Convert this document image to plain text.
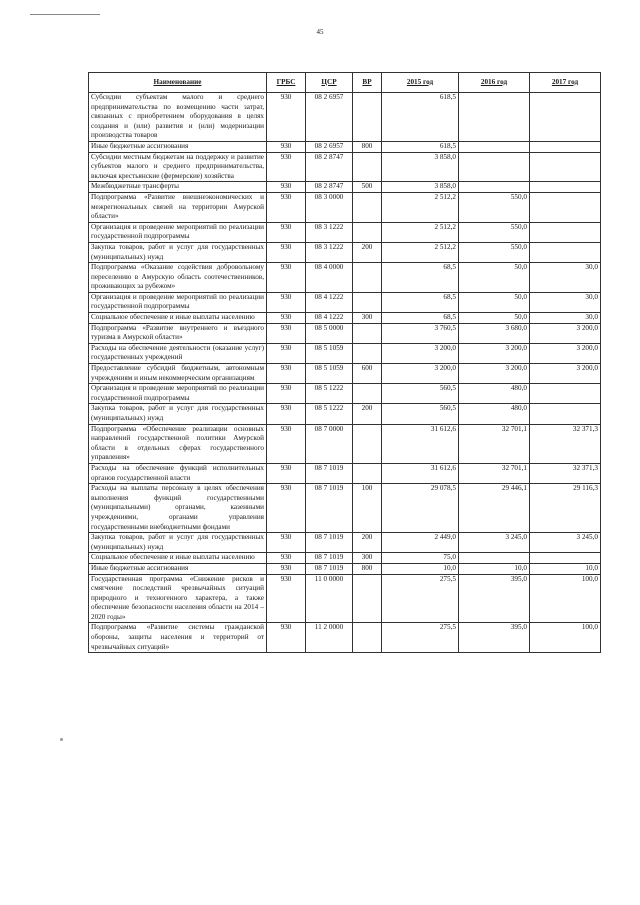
45
Наименование	ГРБС	ЦСР	ВР	2015 год	2016 год	2017 год
Субсидии субъектам малого и среднего предпринимательства по возмещению части затрат, связанных с приобретением оборудования в целях создания и (или) развития и (или) модернизации производства товаров	930	08 2 6957		618,5		
Иные бюджетные ассигнования	930	08 2 6957	800	618,5		
Субсидии местным бюджетам на поддержку и развитие субъектов малого и среднего предпринимательства, включая крестьянские (фермерские) хозяйства	930	08 2 8747		3 858,0		
Межбюджетные трансферты	930	08 2 8747	500	3 858,0		
Подпрограмма «Развитие внешнеэкономических и межрегиональных связей на территории Амурской области»	930	08 3 0000		2 512,2	550,0	
Организация и проведение мероприятий по реализации государственной подпрограммы	930	08 3 1222		2 512,2	550,0	
Закупка товаров, работ и услуг для государственных (муниципальных) нужд	930	08 3 1222	200	2 512,2	550,0	
Подпрограмма «Оказание содействия добровольному переселению в Амурскую область соотечественников, проживающих за рубежом»	930	08 4 0000		68,5	50,0	30,0
Организация и проведение мероприятий по реализации государственной подпрограммы	930	08 4 1222		68,5	50,0	30,0
Социальное обеспечение и иные выплаты населению	930	08 4 1222	300	68,5	50,0	30,0
Подпрограмма «Развитие внутреннего и въездного туризма в Амурской области»	930	08 5 0000		3 760,5	3 680,0	3 200,0
Расходы на обеспечение деятельности (оказание услуг) государственных учреждений	930	08 5 1059		3 200,0	3 200,0	3 200,0
Предоставление субсидий бюджетным, автономным учреждениям и иным некоммерческим организациям	930	08 5 1059	600	3 200,0	3 200,0	3 200,0
Организация и проведение мероприятий по реализации государственной подпрограммы	930	08 5 1222		560,5	480,0	
Закупка товаров, работ и услуг для государственных (муниципальных) нужд	930	08 5 1222	200	560,5	480,0	
Подпрограмма «Обеспечение реализации основных направлений государственной политики Амурской области в отдельных сферах государственного управления»	930	08 7 0000		31 612,6	32 701,1	32 371,3
Расходы на обеспечение функций исполнительных органов государственной власти	930	08 7 1019		31 612,6	32 701,1	32 371,3
Расходы на выплаты персоналу в целях обеспечения выполнения функций государственными (муниципальными) органами, казенными учреждениями, органами управления государственными внебюджетными фондами	930	08 7 1019	100	29 078,5	29 446,1	29 116,3
Закупка товаров, работ и услуг для государственных (муниципальных) нужд	930	08 7 1019	200	2 449,0	3 245,0	3 245,0
Социальное обеспечение и иные выплаты населению	930	08 7 1019	300	75,0		
Иные бюджетные ассигнования	930	08 7 1019	800	10,0	10,0	10,0
Государственная программа «Снижение рисков и смягчение последствий чрезвычайных ситуаций природного и техногенного характера, а также обеспечение безопасности населения области на 2014 – 2020 годы»	930	11 0 0000		275,5	395,0	100,0
Подпрограмма «Развитие системы гражданской обороны, защиты населения и территорий от чрезвычайных ситуаций»	930	11 2 0000		275,5	395,0	100,0
